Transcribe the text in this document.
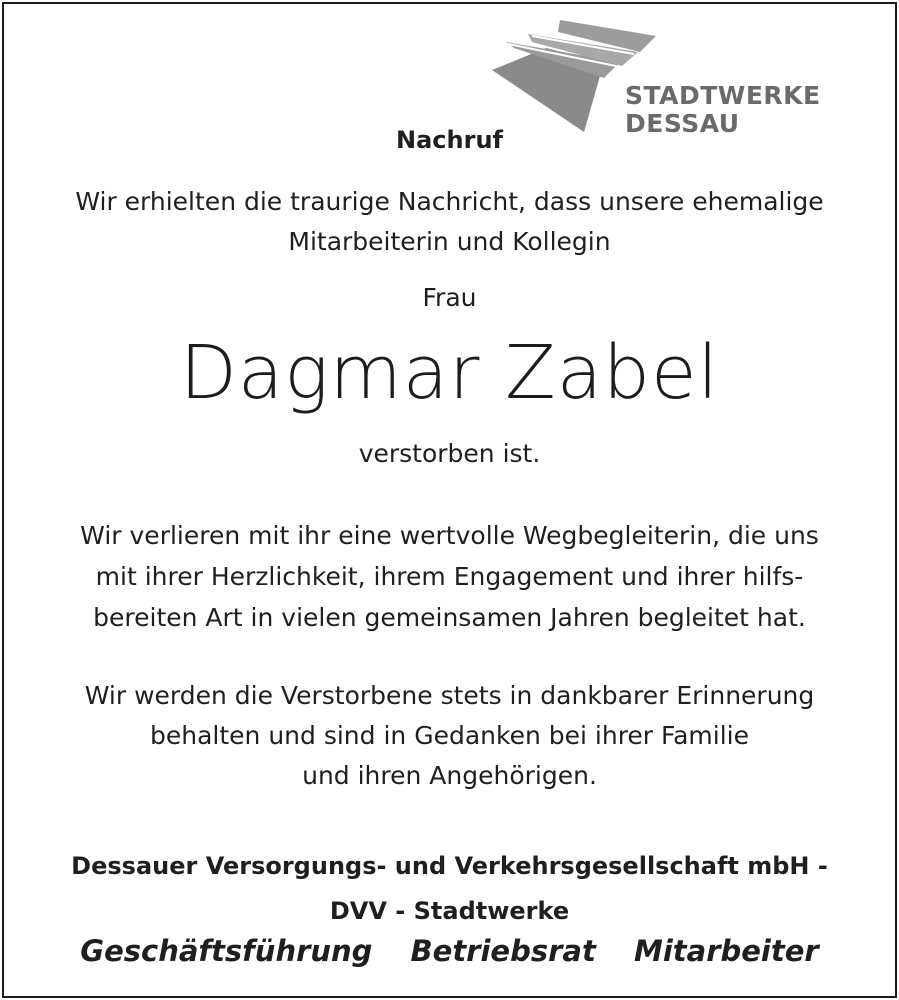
STADTWERKE
DESSAU
Nachruf
Wir erhielten die traurige Nachricht, dass unsere ehemalige
Mitarbeiterin und Kollegin
Frau
Dagmar Zabel
verstorben ist.
Wir verlieren mit ihr eine wertvolle Wegbegleiterin, die uns
mit ihrer Herzlichkeit, ihrem Engagement und ihrer hilfs-
bereiten Art in vielen gemeinsamen Jahren begleitet hat.
Wir werden die Verstorbene stets in dankbarer Erinnerung
behalten und sind in Gedanken bei ihrer Familie
und ihren Angehörigen.
Dessauer Versorgungs- und Verkehrsgesellschaft mbH -
DVV - Stadtwerke
Geschäftsführung Betriebsrat Mitarbeiter
